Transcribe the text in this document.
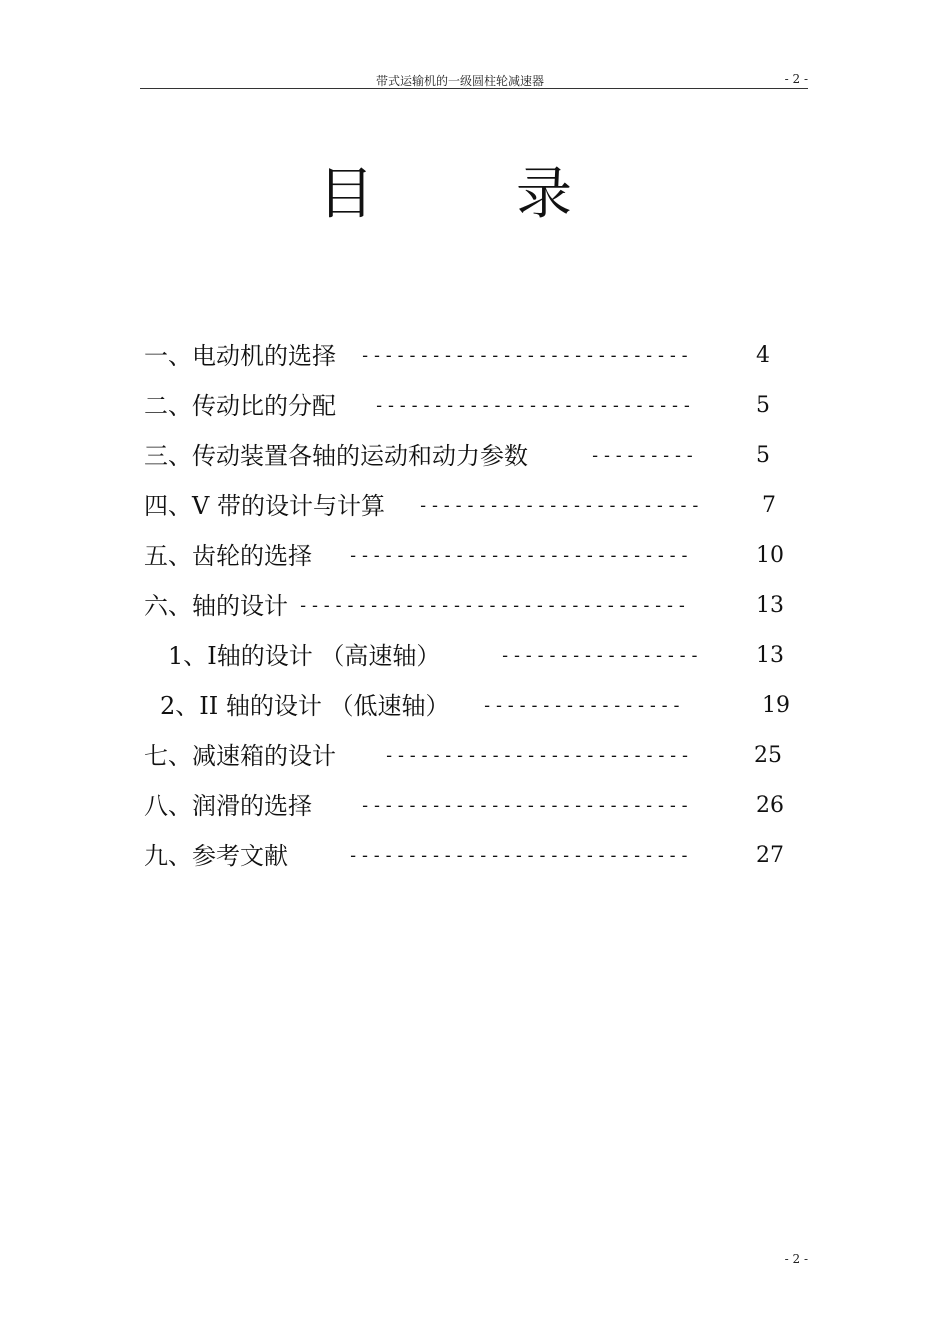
带式运输机的一级圆柱轮减速器	- 2 -
目	录
一、电动机的选择 ----------------------------	4
二、传动比的分配 ---------------------------	5
三、传动装置各轴的运动和动力参数	---------	5
四、V 带的设计与计算 ------------------------	7
五、齿轮的选择 -----------------------------	10
六、轴的设计 ---------------------------------	13
1、Ⅰ轴的设计 （高速轴）	----------------- 13
2、II 轴的设计 （低速轴） -----------------	19
七、减速箱的设计	--------------------------	25
八、润滑的选择	----------------------------	26
九、参考文献	-----------------------------	27
- 2 -
